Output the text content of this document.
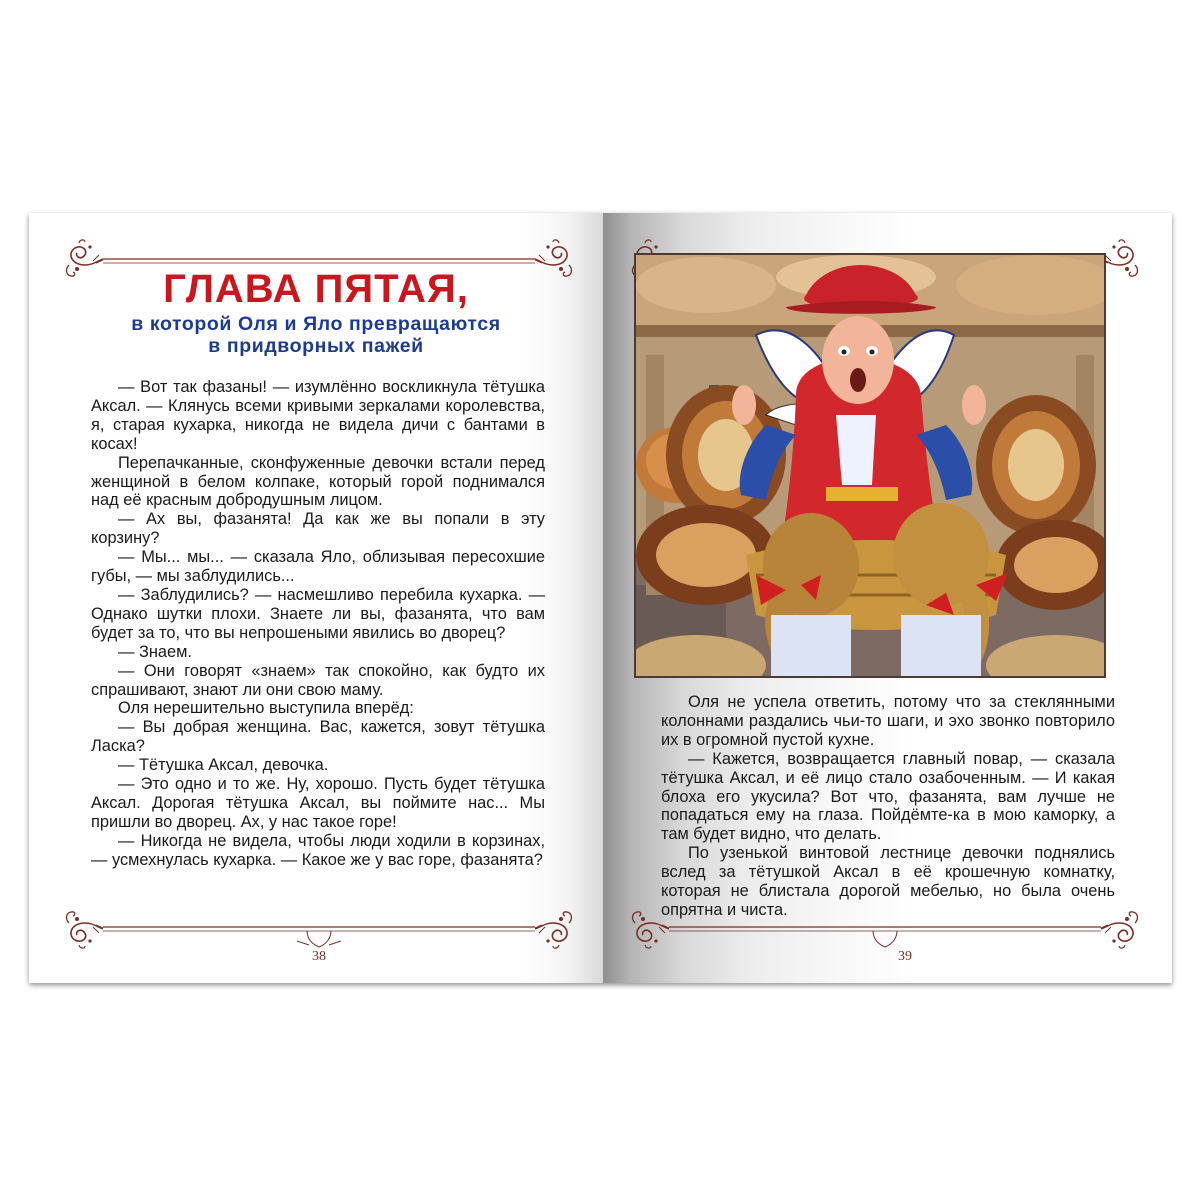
ГЛАВА ПЯТАЯ,
в которой Оля и Яло превращаются
в придворных пажей

— Вот так фазаны! — изумлённо воскликнула тётушка Аксал. — Клянусь всеми кривыми зеркалами королевства, я, старая кухарка, никогда не видела дичи с бантами в косах!

Перепачканные, сконфуженные девочки встали перед женщиной в белом колпаке, который горой поднимался над её красным добродушным лицом.

— Ах вы, фазанята! Да как же вы попали в эту корзину?

— Мы... мы... — сказала Яло, облизывая пересохшие губы, — мы заблудились...

— Заблудились? — насмешливо перебила кухарка. — Однако шутки плохи. Знаете ли вы, фазанята, что вам будет за то, что вы непрошеными явились во дворец?

— Знаем.

— Они говорят «знаем» так спокойно, как будто их спрашивают, знают ли они свою маму.

Оля нерешительно выступила вперёд:

— Вы добрая женщина. Вас, кажется, зовут тётушка Ласка?

— Тётушка Аксал, девочка.

— Это одно и то же. Ну, хорошо. Пусть будет тётушка Аксал. Дорогая тётушка Аксал, вы поймите нас... Мы пришли во дворец. Ах, у нас такое горе!

— Никогда не видела, чтобы люди ходили в корзинах, — усмехнулась кухарка. — Какое же у вас горе, фазанята?

38

Оля не успела ответить, потому что за стеклянными колоннами раздались чьи-то шаги, и эхо звонко повторило их в огромной пустой кухне.

— Кажется, возвращается главный повар, — сказала тётушка Аксал, и её лицо стало озабоченным. — И какая блоха его укусила? Вот что, фазанята, вам лучше не попадаться ему на глаза. Пойдёмте-ка в мою каморку, а там будет видно, что делать.

По узенькой винтовой лестнице девочки поднялись вслед за тётушкой Аксал в её крошечную комнатку, которая не блистала дорогой мебелью, но была очень опрятна и чиста.

39
